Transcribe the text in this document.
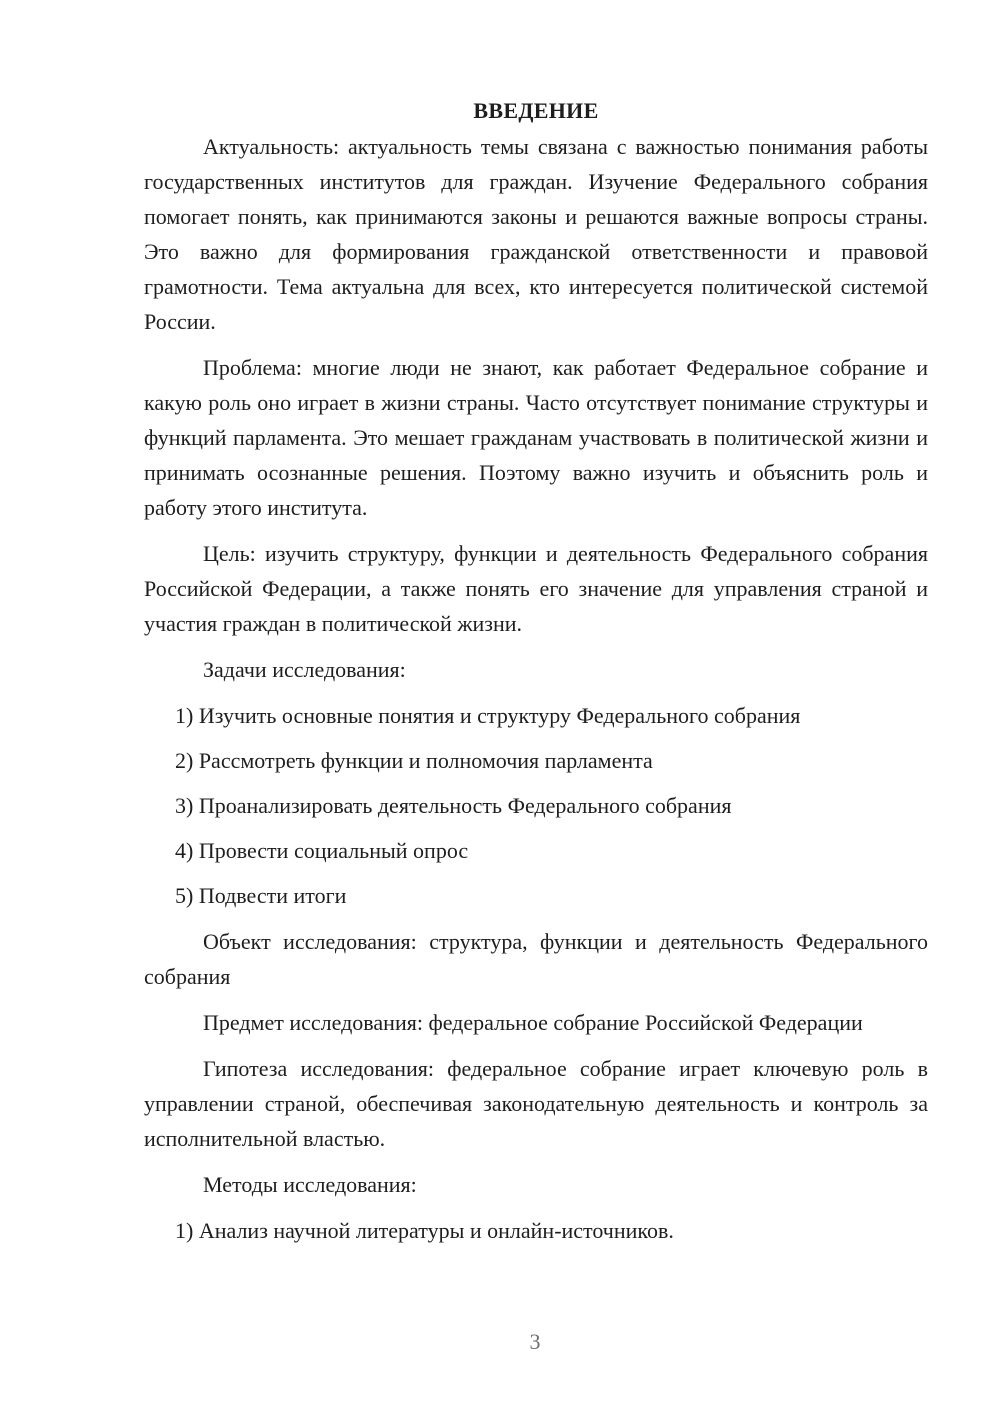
ВВЕДЕНИЕ

Актуальность: актуальность темы связана с важностью понимания работы государственных институтов для граждан. Изучение Федерального собрания помогает понять, как принимаются законы и решаются важные вопросы страны. Это важно для формирования гражданской ответственности и правовой грамотности. Тема актуальна для всех, кто интересуется политической системой России.

Проблема: многие люди не знают, как работает Федеральное собрание и какую роль оно играет в жизни страны. Часто отсутствует понимание структуры и функций парламента. Это мешает гражданам участвовать в политической жизни и принимать осознанные решения. Поэтому важно изучить и объяснить роль и работу этого института.

Цель: изучить структуру, функции и деятельность Федерального собрания Российской Федерации, а также понять его значение для управления страной и участия граждан в политической жизни.

Задачи исследования:

1) Изучить основные понятия и структуру Федерального собрания
2) Рассмотреть функции и полномочия парламента
3) Проанализировать деятельность Федерального собрания
4) Провести социальный опрос
5) Подвести итоги

Объект исследования: структура, функции и деятельность Федерального собрания

Предмет исследования: федеральное собрание Российской Федерации

Гипотеза исследования: федеральное собрание играет ключевую роль в управлении страной, обеспечивая законодательную деятельность и контроль за исполнительной властью.

Методы исследования:

1) Анализ научной литературы и онлайн-источников.
3
